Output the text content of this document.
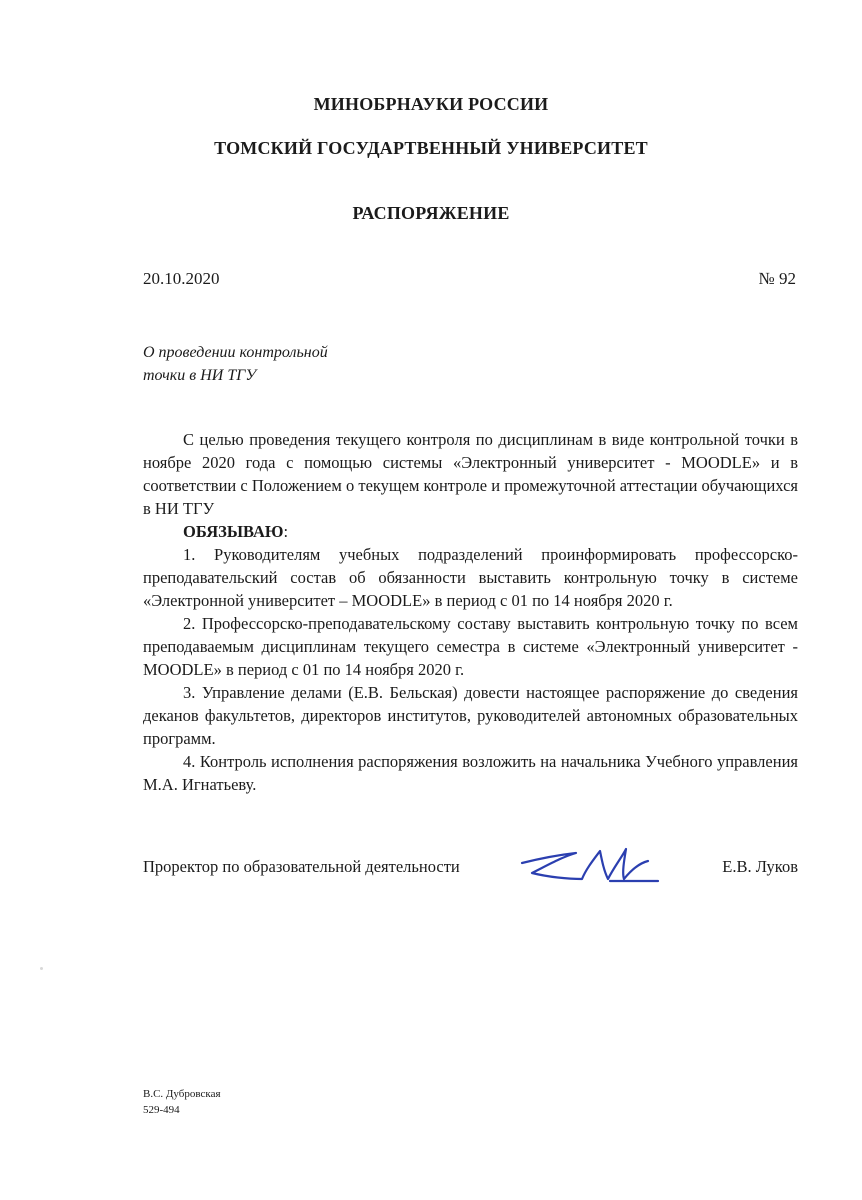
МИНОБРНАУКИ РОССИИ
ТОМСКИЙ ГОСУДАРТВЕННЫЙ УНИВЕРСИТЕТ
РАСПОРЯЖЕНИЕ
20.10.2020	№ 92
О проведении контрольной
точки в НИ ТГУ

С целью проведения текущего контроля по дисциплинам в виде контрольной точки в ноябре 2020 года с помощью системы «Электронный университет - MOODLE» и в соответствии с Положением о текущем контроле и промежуточной аттестации обучающихся в НИ ТГУ

ОБЯЗЫВАЮ:

1. Руководителям учебных подразделений проинформировать профессорско-преподавательский состав об обязанности выставить контрольную точку в системе «Электронной университет – MOODLE» в период с 01 по 14 ноября 2020 г.

2. Профессорско-преподавательскому составу выставить контрольную точку по всем преподаваемым дисциплинам текущего семестра в системе «Электронный университет - MOODLE» в период с 01 по 14 ноября 2020 г.

3. Управление делами (Е.В. Бельская) довести настоящее распоряжение до сведения деканов факультетов, директоров институтов, руководителей автономных образовательных программ.

4. Контроль исполнения распоряжения возложить на начальника Учебного управления М.А. Игнатьеву.

Проректор по образовательной деятельности	Е.В. Луков
В.С. Дубровская
529-494
